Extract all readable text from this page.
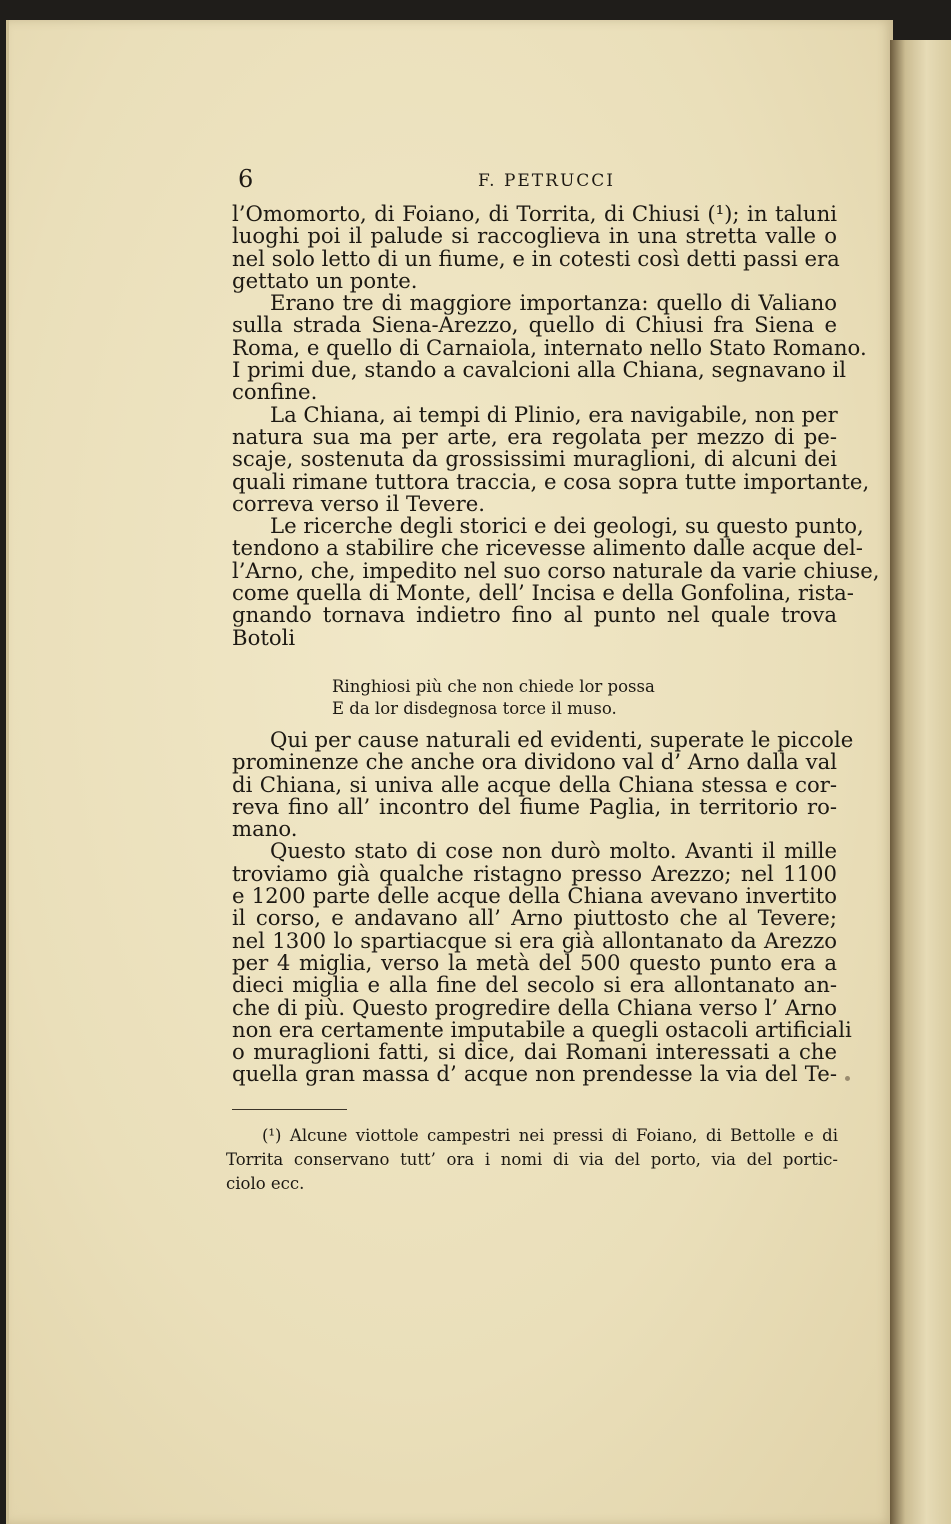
6	F. PETRUCCI
l’Omomorto, di Foiano, di Torrita, di Chiusi (¹); in taluni
luoghi poi il palude si raccoglieva in una stretta valle o
nel solo letto di un fiume, e in cotesti così detti passi era
gettato un ponte.
Erano tre di maggiore importanza: quello di Valiano
sulla strada Siena-Arezzo, quello di Chiusi fra Siena e
Roma, e quello di Carnaiola, internato nello Stato Romano.
I primi due, stando a cavalcioni alla Chiana, segnavano il
confine.
La Chiana, ai tempi di Plinio, era navigabile, non per
natura sua ma per arte, era regolata per mezzo di pe-
scaje, sostenuta da grossissimi muraglioni, di alcuni dei
quali rimane tuttora traccia, e cosa sopra tutte importante,
correva verso il Tevere.
Le ricerche degli storici e dei geologi, su questo punto,
tendono a stabilire che ricevesse alimento dalle acque del-
l’Arno, che, impedito nel suo corso naturale da varie chiuse,
come quella di Monte, dell’ Incisa e della Gonfolina, rista-
gnando tornava indietro fino al punto nel quale trova
Botoli
Ringhiosi più che non chiede lor possa
E da lor disdegnosa torce il muso.
Qui per cause naturali ed evidenti, superate le piccole
prominenze che anche ora dividono val d’ Arno dalla val
di Chiana, si univa alle acque della Chiana stessa e cor-
reva fino all’ incontro del fiume Paglia, in territorio ro-
mano.
Questo stato di cose non durò molto. Avanti il mille
troviamo già qualche ristagno presso Arezzo; nel 1100
e 1200 parte delle acque della Chiana avevano invertito
il corso, e andavano all’ Arno piuttosto che al Tevere;
nel 1300 lo spartiacque si era già allontanato da Arezzo
per 4 miglia, verso la metà del 500 questo punto era a
dieci miglia e alla fine del secolo si era allontanato an-
che di più. Questo progredire della Chiana verso l’ Arno
non era certamente imputabile a quegli ostacoli artificiali
o muraglioni fatti, si dice, dai Romani interessati a che
quella gran massa d’ acque non prendesse la via del Te-
(¹) Alcune viottole campestri nei pressi di Foiano, di Bettolle e di
Torrita conservano tutt’ ora i nomi di via del porto, via del portic-
ciolo ecc.
